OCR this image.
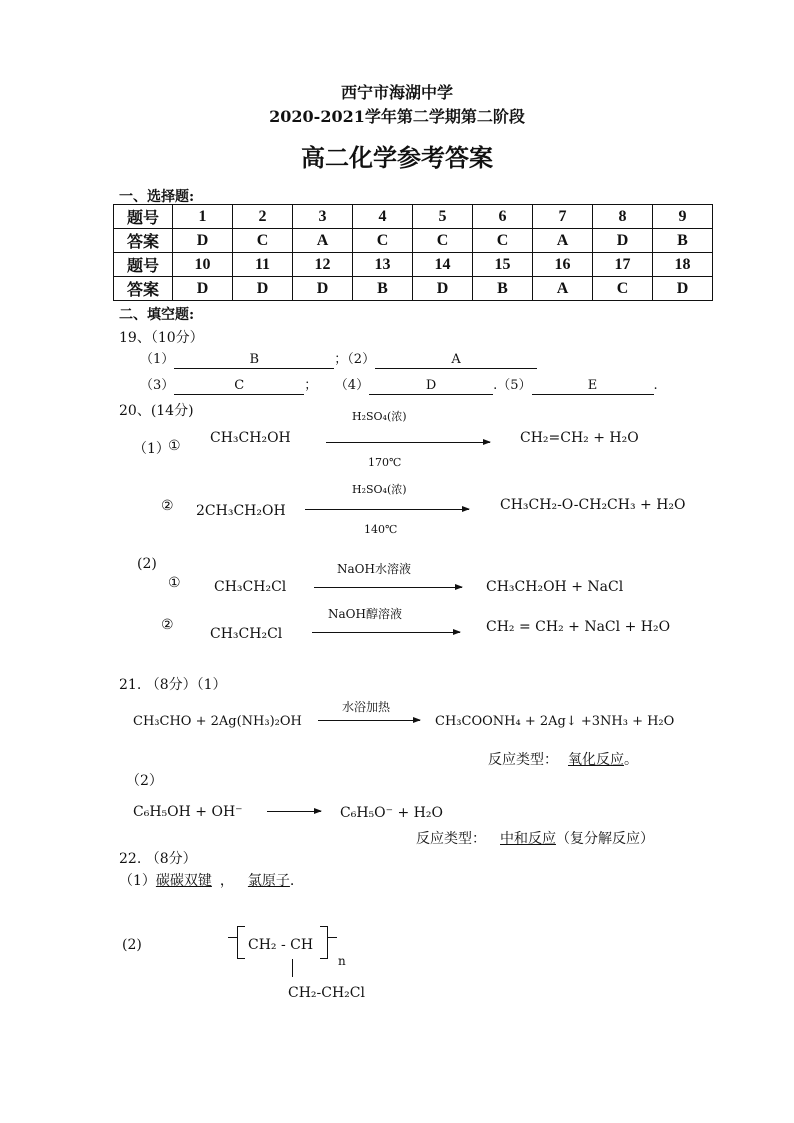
西宁市海湖中学
2020-2021学年第二学期第二阶段
高二化学参考答案
一、选择题:
题号	1	2	3	4	5	6	7	8	9
答案	D	C	A	C	C	C	A	D	B
题号	10	11	12	13	14	15	16	17	18
答案	D	D	D	B	D	B	A	C	D
二、填空题:
19、（10分）
（1）	B	；（2）	A
（3）	C	； （4）	D	.（5）	E	.
20、(14分)
（1）
① CH₃CH₂OH
H₂SO₄(浓)
170℃
CH₂=CH₂ + H₂O
② 2CH₃CH₂OH
H₂SO₄(浓)
140℃
CH₃CH₂-O-CH₂CH₃ + H₂O
(2)
① CH₃CH₂Cl
NaOH水溶液
CH₃CH₂OH + NaCl
②
CH₃CH₂Cl
NaOH醇溶液
CH₂ = CH₂ + NaCl + H₂O
21. （8分）（1）
CH₃CHO + 2Ag(NH₃)₂OH
水浴加热
CH₃COONH₄ + 2Ag↓ +3NH₃ + H₂O
反应类型： 氧化反应。
（2）
C₆H₅OH + OH⁻ → C₆H₅O⁻ + H₂O
反应类型： 中和反应（复分解反应）
22. （8分）
（1）碳碳双键 ， 氯原子.
(2)	CH₂ - CH
n
CH₂-CH₂Cl
